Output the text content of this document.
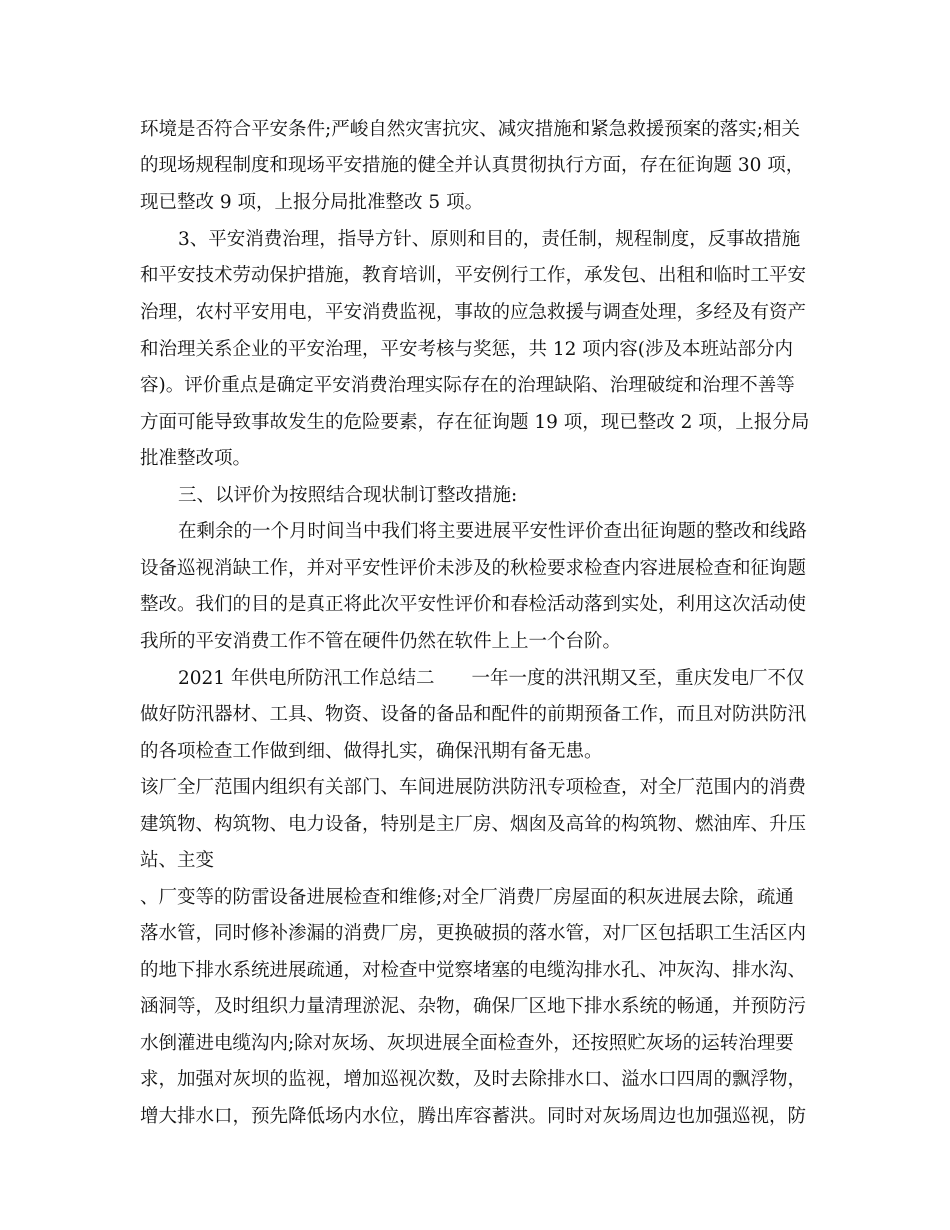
环境是否符合平安条件;严峻自然灾害抗灾、减灾措施和紧急救援预案的落实;相关
的现场规程制度和现场平安措施的健全并认真贯彻执行方面，存在征询题 30 项，
现已整改 9 项，上报分局批准整改 5 项。
3、平安消费治理，指导方针、原则和目的，责任制，规程制度，反事故措施
和平安技术劳动保护措施，教育培训，平安例行工作，承发包、出租和临时工平安
治理，农村平安用电，平安消费监视，事故的应急救援与调查处理，多经及有资产
和治理关系企业的平安治理，平安考核与奖惩，共 12 项内容(涉及本班站部分内
容)。评价重点是确定平安消费治理实际存在的治理缺陷、治理破绽和治理不善等
方面可能导致事故发生的危险要素，存在征询题 19 项，现已整改 2 项，上报分局
批准整改项。
三、以评价为按照结合现状制订整改措施:
在剩余的一个月时间当中我们将主要进展平安性评价查出征询题的整改和线路
设备巡视消缺工作，并对平安性评价未涉及的秋检要求检查内容进展检查和征询题
整改。我们的目的是真正将此次平安性评价和春检活动落到实处，利用这次活动使
我所的平安消费工作不管在硬件仍然在软件上上一个台阶。
2021 年供电所防汛工作总结二　　一年一度的洪汛期又至，重庆发电厂不仅
做好防汛器材、工具、物资、设备的备品和配件的前期预备工作，而且对防洪防汛
的各项检查工作做到细、做得扎实，确保汛期有备无患。
该厂全厂范围内组织有关部门、车间进展防洪防汛专项检查，对全厂范围内的消费
建筑物、构筑物、电力设备，特别是主厂房、烟囱及高耸的构筑物、燃油库、升压
站、主变
、厂变等的防雷设备进展检查和维修;对全厂消费厂房屋面的积灰进展去除，疏通
落水管，同时修补渗漏的消费厂房，更换破损的落水管，对厂区包括职工生活区内
的地下排水系统进展疏通，对检查中觉察堵塞的电缆沟排水孔、冲灰沟、排水沟、
涵洞等，及时组织力量清理淤泥、杂物，确保厂区地下排水系统的畅通，并预防污
水倒灌进电缆沟内;除对灰场、灰坝进展全面检查外，还按照贮灰场的运转治理要
求，加强对灰坝的监视，增加巡视次数，及时去除排水口、溢水口四周的飘浮物，
增大排水口，预先降低场内水位，腾出库容蓄洪。同时对灰场周边也加强巡视，防
